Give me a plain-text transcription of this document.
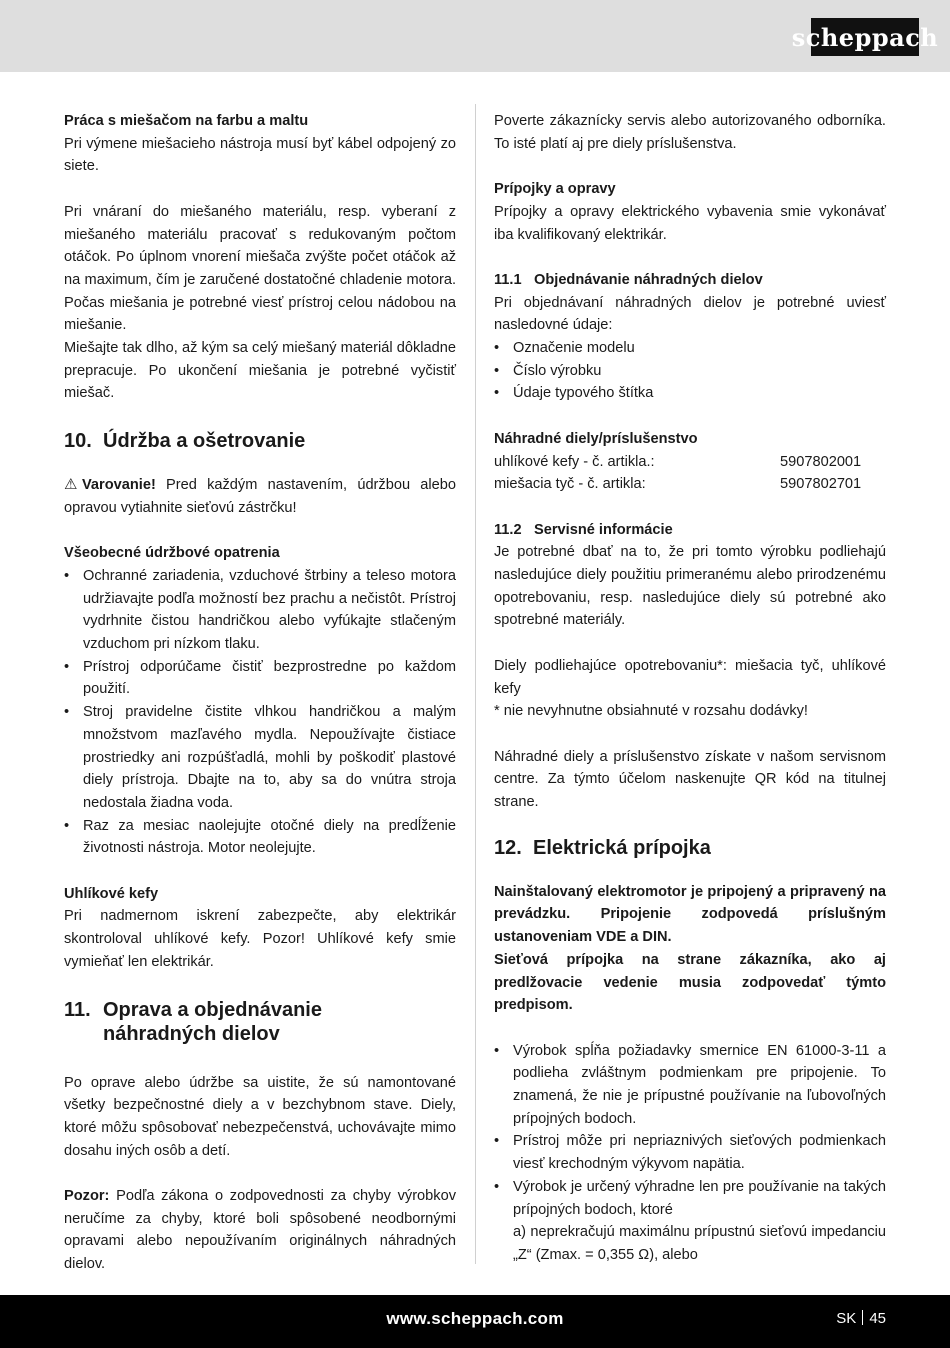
scheppach

Práca s miešačom na farbu a maltu

Pri výmene miešacieho nástroja musí byť kábel odpojený zo siete.

Pri vnáraní do miešaného materiálu, resp. vyberaní z miešaného materiálu pracovať s redukovaným počtom otáčok. Po úplnom vnorení miešača zvýšte počet otáčok až na maximum, čím je zaručené dostatočné chladenie motora. Počas miešania je potrebné viesť prístroj celou nádobou na miešanie.

Miešajte tak dlho, až kým sa celý miešaný materiál dôkladne prepracuje. Po ukončení miešania je potrebné vyčistiť miešač.

10. Údržba a ošetrovanie

⚠ Varovanie! Pred každým nastavením, údržbou alebo opravou vytiahnite sieťovú zástrčku!

Všeobecné údržbové opatrenia

• Ochranné zariadenia, vzduchové štrbiny a teleso motora udržiavajte podľa možností bez prachu a nečistôt. Prístroj vydrhnite čistou handričkou alebo vyfúkajte stlačeným vzduchom pri nízkom tlaku.
• Prístroj odporúčame čistiť bezprostredne po každom použití.
• Stroj pravidelne čistite vlhkou handričkou a malým množstvom mazľavého mydla. Nepoužívajte čistiace prostriedky ani rozpúšťadlá, mohli by poškodiť plastové diely prístroja. Dbajte na to, aby sa do vnútra stroja nedostala žiadna voda.
• Raz za mesiac naolejujte otočné diely na predĺženie životnosti nástroja. Motor neolejujte.

Uhlíkové kefy

Pri nadmernom iskrení zabezpečte, aby elektrikár skontroloval uhlíkové kefy. Pozor! Uhlíkové kefy smie vymieňať len elektrikár.

11. Oprava a objednávanie
náhradných dielov

Po oprave alebo údržbe sa uistite, že sú namontované všetky bezpečnostné diely a v bezchybnom stave. Diely, ktoré môžu spôsobovať nebezpečenstvá, uchovávajte mimo dosahu iných osôb a detí.

Pozor: Podľa zákona o zodpovednosti za chyby výrobkov neručíme za chyby, ktoré boli spôsobené neodbornými opravami alebo nepoužívaním originálnych náhradných dielov.

Poverte zákaznícky servis alebo autorizovaného odborníka. To isté platí aj pre diely príslušenstva.

Prípojky a opravy

Prípojky a opravy elektrického vybavenia smie vykonávať iba kvalifikovaný elektrikár.

11.1 Objednávanie náhradných dielov

Pri objednávaní náhradných dielov je potrebné uviesť nasledovné údaje:

• Označenie modelu
• Číslo výrobku
• Údaje typového štítka

Náhradné diely/príslušenstvo

uhlíkové kefy - č. artikla.:	5907802001
miešacia tyč - č. artikla:	5907802701

11.2 Servisné informácie

Je potrebné dbať na to, že pri tomto výrobku podliehajú nasledujúce diely použitiu primeranému alebo prirodzenému opotrebovaniu, resp. nasledujúce diely sú potrebné ako spotrebné materiály.

Diely podliehajúce opotrebovaniu*: miešacia tyč, uhlíkové kefy

* nie nevyhnutne obsiahnuté v rozsahu dodávky!

Náhradné diely a príslušenstvo získate v našom servisnom centre. Za týmto účelom naskenujte QR kód na titulnej strane.

12. Elektrická prípojka

Nainštalovaný elektromotor je pripojený a pripravený na prevádzku. Pripojenie zodpovedá príslušným ustanoveniam VDE a DIN.

Sieťová prípojka na strane zákazníka, ako aj predlžovacie vedenie musia zodpovedať týmto predpisom.

• Výrobok spĺňa požiadavky smernice EN 61000-3-11 a podlieha zvláštnym podmienkam pre pripojenie. To znamená, že nie je prípustné používanie na ľubovoľných prípojných bodoch.
• Prístroj môže pri nepriaznivých sieťových podmienkach viesť krechodným výkyvom napätia.
• Výrobok je určený výhradne len pre používanie na takých prípojných bodoch, ktoré
a) neprekračujú maximálnu prípustnú sieťovú impedanciu „Z“ (Zmax. = 0,355 Ω), alebo
www.scheppach.com	SK 45
